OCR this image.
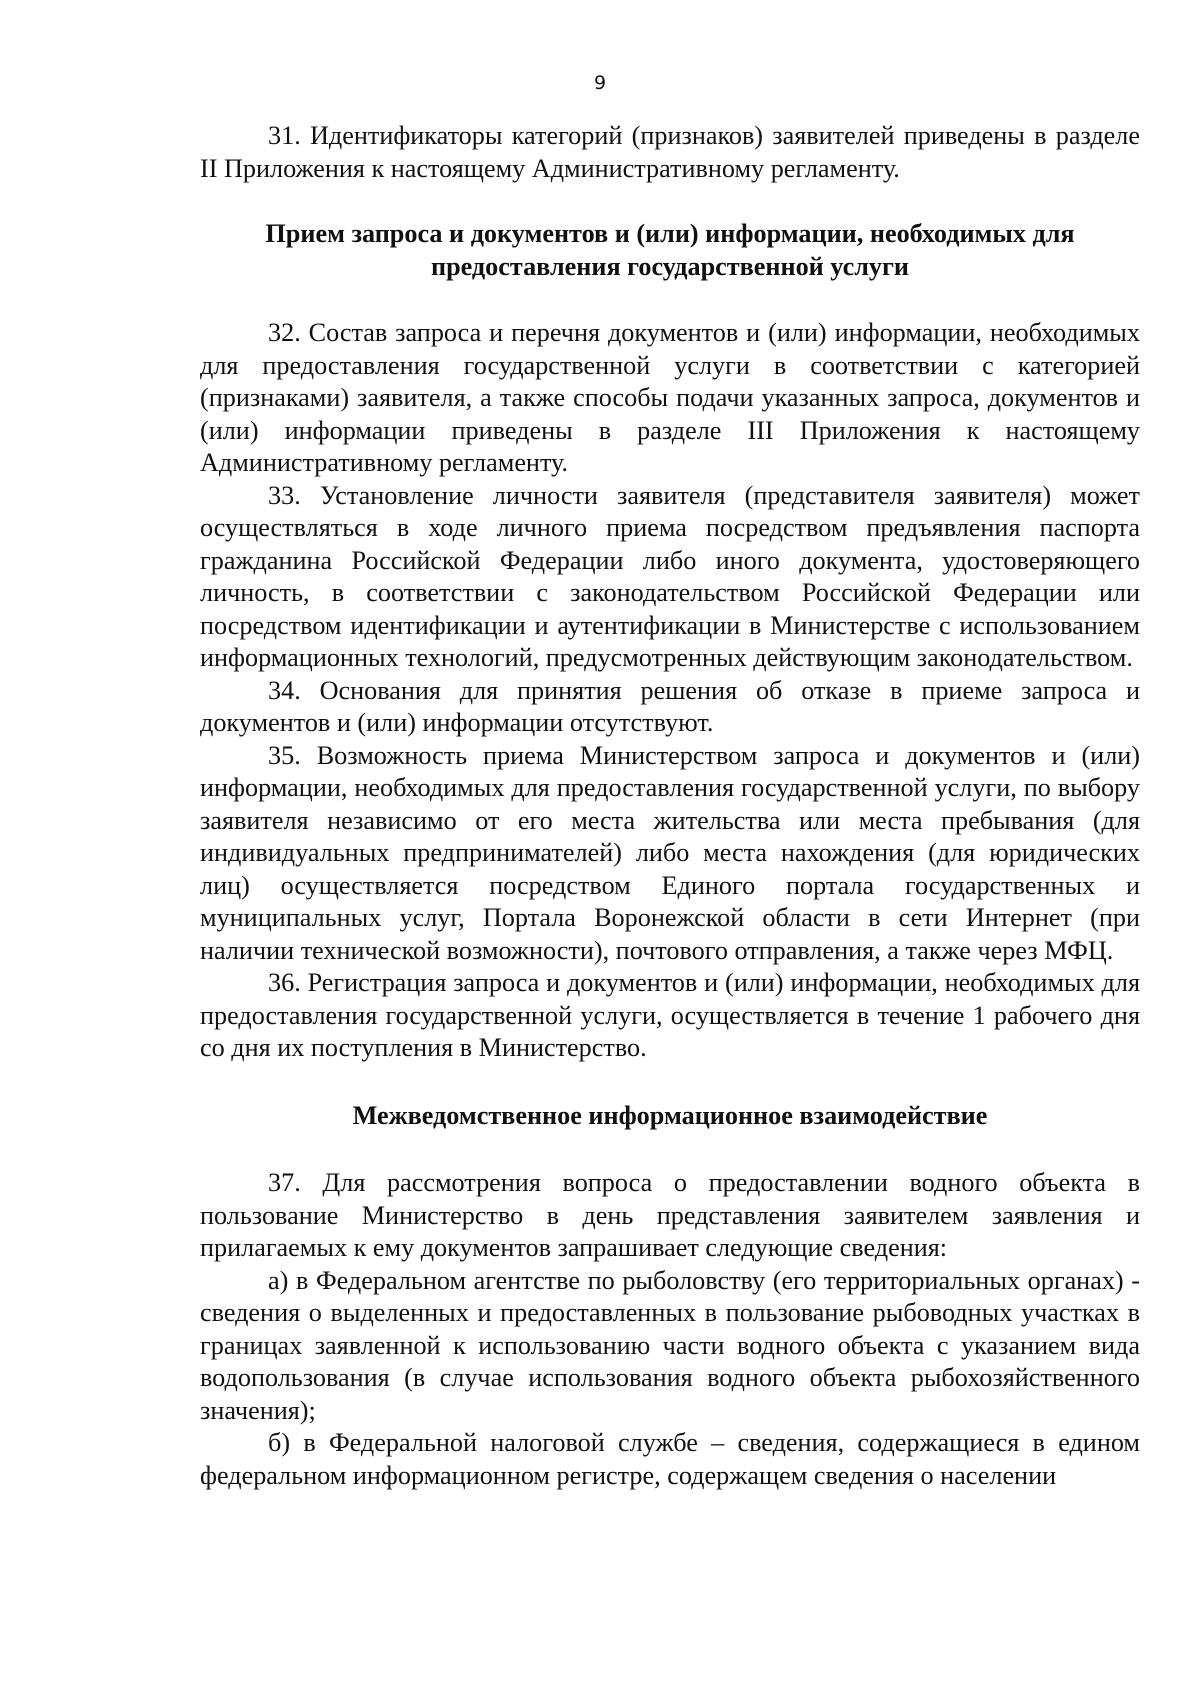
9

31. Идентификаторы категорий (признаков) заявителей приведены в разделе II Приложения к настоящему Административному регламенту.

Прием запроса и документов и (или) информации, необходимых для
предоставления государственной услуги

32. Состав запроса и перечня документов и (или) информации, необходимых для предоставления государственной услуги в соответствии с категорией (признаками) заявителя, а также способы подачи указанных запроса, документов и (или) информации приведены в разделе III Приложения к настоящему Административному регламенту.

33. Установление личности заявителя (представителя заявителя) может осуществляться в ходе личного приема посредством предъявления паспорта гражданина Российской Федерации либо иного документа, удостоверяющего личность, в соответствии с законодательством Российской Федерации или посредством идентификации и аутентификации в Министерстве с использованием информационных технологий, предусмотренных действующим законодательством.

34. Основания для принятия решения об отказе в приеме запроса и документов и (или) информации отсутствуют.

35. Возможность приема Министерством запроса и документов и (или) информации, необходимых для предоставления государственной услуги, по выбору заявителя независимо от его места жительства или места пребывания (для индивидуальных предпринимателей) либо места нахождения (для юридических лиц) осуществляется посредством Единого портала государственных и муниципальных услуг, Портала Воронежской области в сети Интернет (при наличии технической возможности), почтового отправления, а также через МФЦ.

36. Регистрация запроса и документов и (или) информации, необходимых для предоставления государственной услуги, осуществляется в течение 1 рабочего дня со дня их поступления в Министерство.

Межведомственное информационное взаимодействие

37. Для рассмотрения вопроса о предоставлении водного объекта в пользование Министерство в день представления заявителем заявления и прилагаемых к ему документов запрашивает следующие сведения:

а) в Федеральном агентстве по рыболовству (его территориальных органах) - сведения о выделенных и предоставленных в пользование рыбоводных участках в границах заявленной к использованию части водного объекта с указанием вида водопользования (в случае использования водного объекта рыбохозяйственного значения);

б) в Федеральной налоговой службе – сведения, содержащиеся в едином федеральном информационном регистре, содержащем сведения о населении
